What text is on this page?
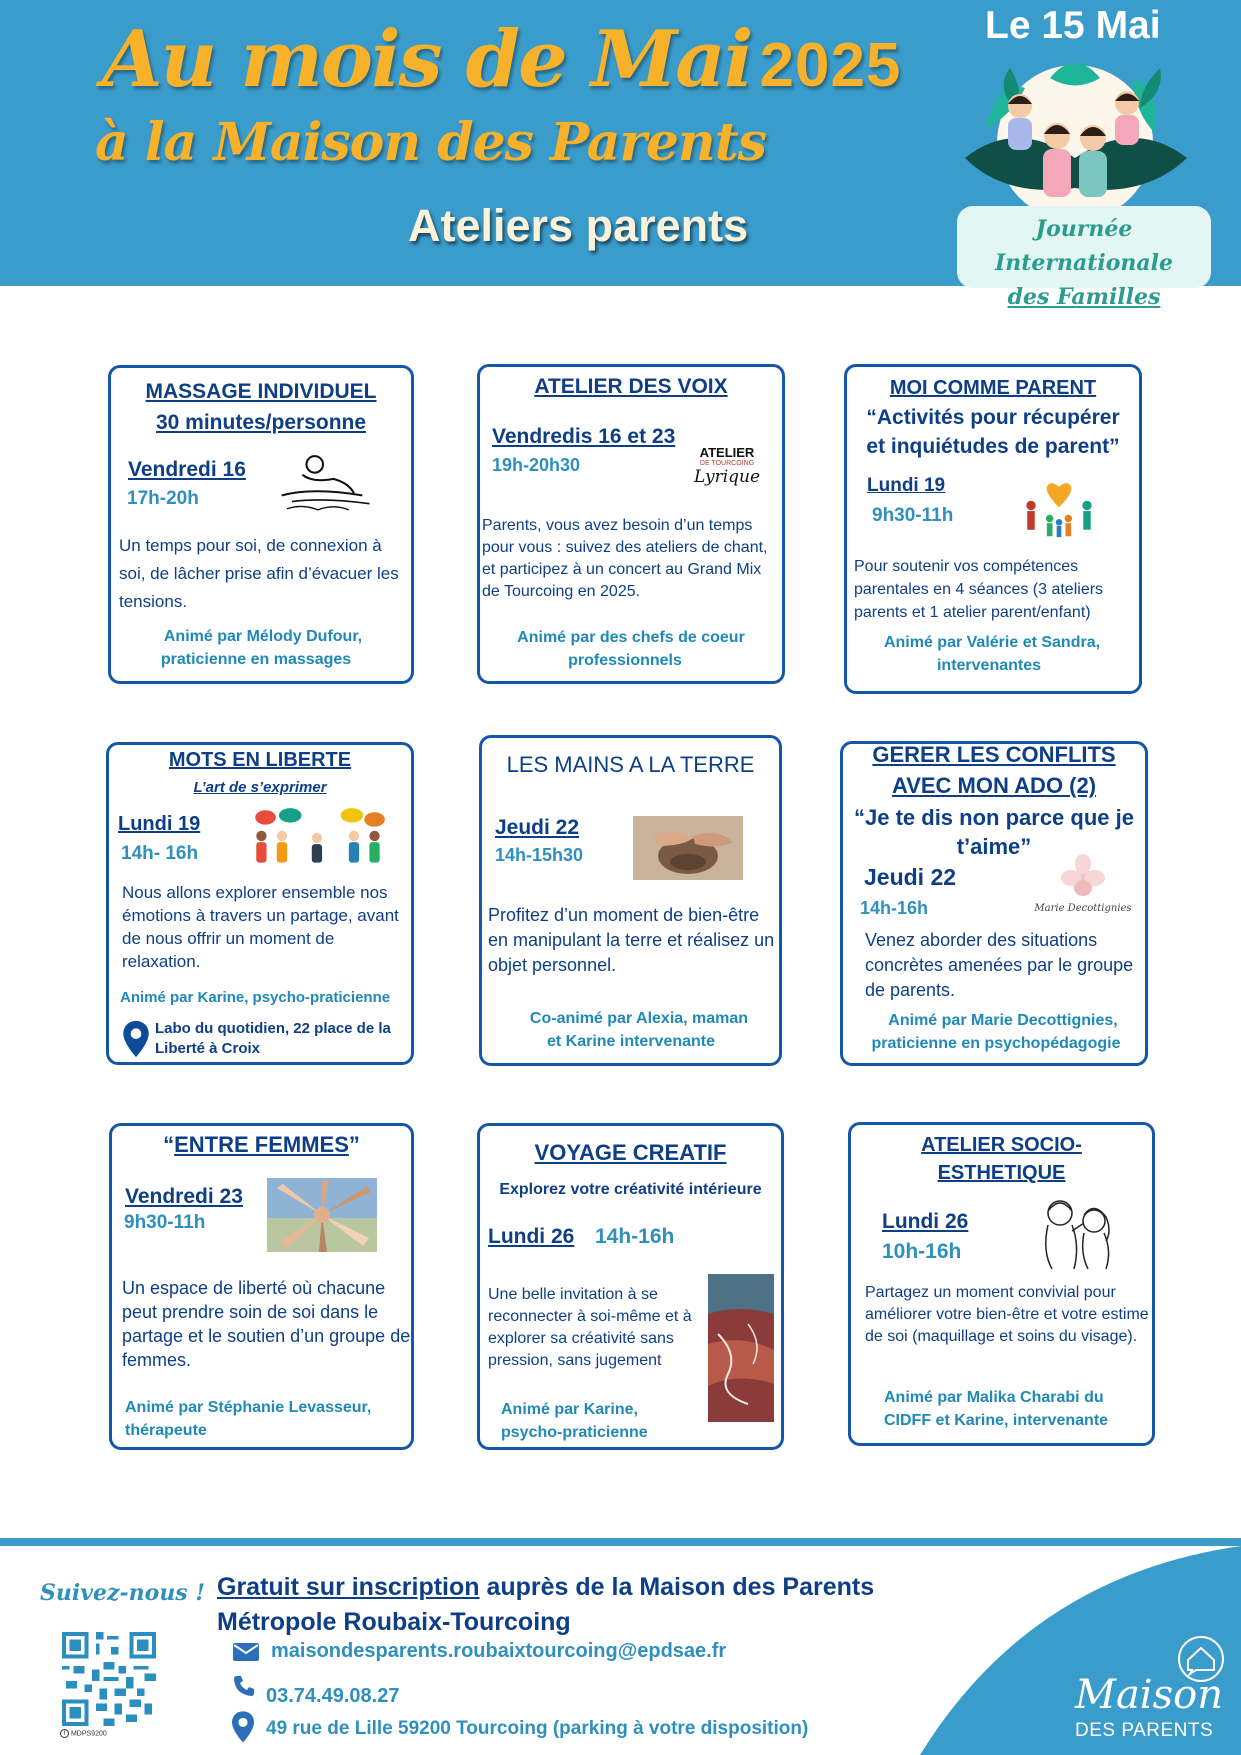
Au mois de Mai 2025
à la Maison des Parents
Ateliers parents
Le 15 Mai
Journée Internationale
des Familles
MASSAGE INDIVIDUEL
30 minutes/personne
Vendredi 16
17h-20h
Un temps pour soi, de connexion à soi, de lâcher prise afin d’évacuer les tensions.
Animé par Mélody Dufour,
praticienne en massages
ATELIER DES VOIX
Vendredis 16 et 23
19h-20h30
ATELIER
DE TOURCOING
Lyrique
Parents, vous avez besoin d’un temps pour vous : suivez des ateliers de chant, et participez à un concert au Grand Mix de Tourcoing en 2025.
Animé par des chefs de coeur
professionnels
MOI COMME PARENT
“Activités pour récupérer
et inquiétudes de parent”
Lundi 19
9h30-11h
Pour soutenir vos compétences parentales en 4 séances (3 ateliers parents et 1 atelier parent/enfant)
Animé par Valérie et Sandra,
intervenantes
MOTS EN LIBERTE
L’art de s’exprimer
Lundi 19
14h- 16h
Nous allons explorer ensemble nos émotions à travers un partage, avant de nous offrir un moment de relaxation.
Animé par Karine, psycho-praticienne
Labo du quotidien, 22 place de la
Liberté à Croix
LES MAINS A LA TERRE
Jeudi 22
14h-15h30
Profitez d’un moment de bien-être en manipulant la terre et réalisez un objet personnel.
Co-animé par Alexia, maman
et Karine intervenante
GERER LES CONFLITS
AVEC MON ADO (2)
“Je te dis non parce que je
t’aime”
Jeudi 22
14h-16h	Marie Decottignies
Venez aborder des situations concrètes amenées par le groupe de parents.
Animé par Marie Decottignies,
praticienne en psychopédagogie
“ENTRE FEMMES”
Vendredi 23
9h30-11h
Un espace de liberté où chacune peut prendre soin de soi dans le partage et le soutien d’un groupe de femmes.
Animé par Stéphanie Levasseur,
thérapeute
VOYAGE CREATIF
Explorez votre créativité intérieure
Lundi 26 14h-16h
Une belle invitation à se reconnecter à soi-même et à explorer sa créativité sans pression, sans jugement
Animé par Karine,
psycho-praticienne
ATELIER SOCIO-
ESTHETIQUE
Lundi 26
10h-16h
Partagez un moment convivial pour améliorer votre bien-être et votre estime de soi (maquillage et soins du visage).
Animé par Malika Charabi du
CIDFF et Karine, intervenante
Maison
DES PARENTS
Suivez-nous !
f MDPS9200
Gratuit sur inscription auprès de la Maison des Parents
Métropole Roubaix-Tourcoing
maisondesparents.roubaixtourcoing@epdsae.fr
03.74.49.08.27
49 rue de Lille 59200 Tourcoing (parking à votre disposition)
